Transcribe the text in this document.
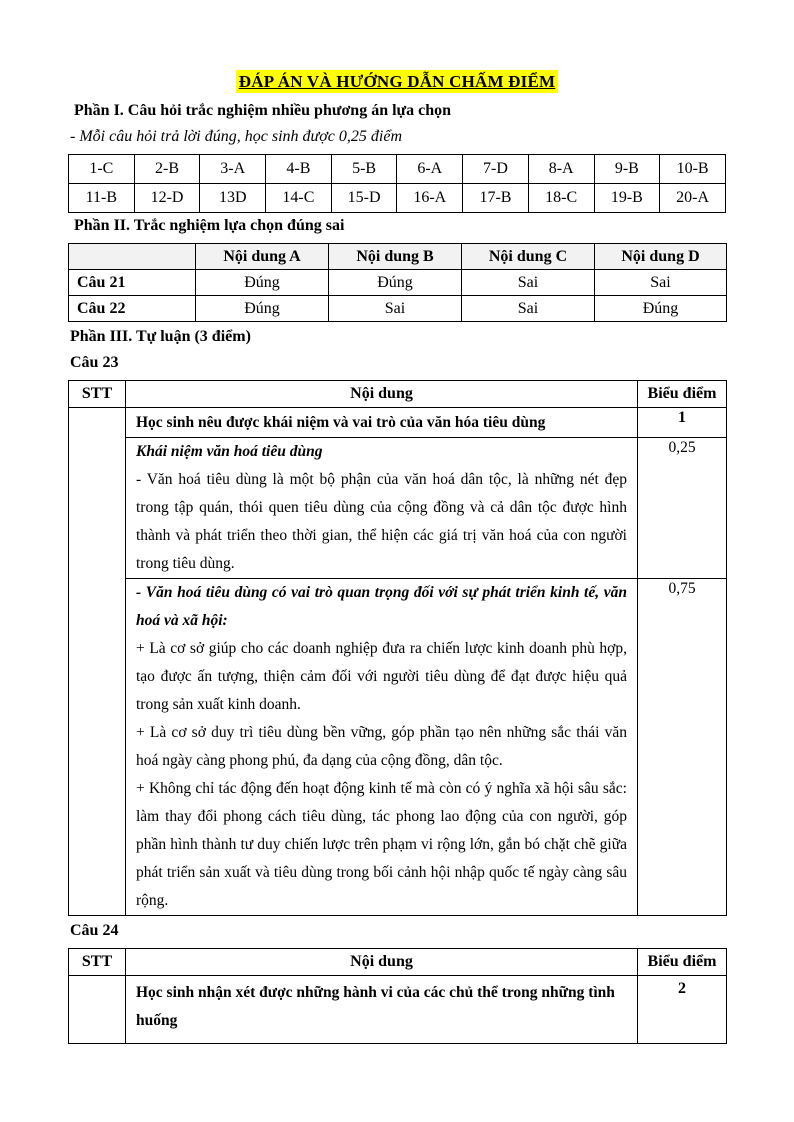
ĐÁP ÁN VÀ HƯỚNG DẪN CHẤM ĐIỂM
Phần I. Câu hỏi trắc nghiệm nhiều phương án lựa chọn
- Mỗi câu hỏi trả lời đúng, học sinh được 0,25 điểm
1-C	2-B	3-A	4-B	5-B	6-A	7-D	8-A	9-B	10-B
11-B	12-D	13D	14-C	15-D	16-A	17-B	18-C	19-B	20-A
Phần II. Trắc nghiệm lựa chọn đúng sai
	Nội dung A	Nội dung B	Nội dung C	Nội dung D
Câu 21	Đúng	Đúng	Sai	Sai
Câu 22	Đúng	Sai	Sai	Đúng
Phần III. Tự luận (3 điểm)
Câu 23
STT	Nội dung	Biểu điểm
	Học sinh nêu được khái niệm và vai trò của văn hóa tiêu dùng	1

	Khái niệm văn hoá tiêu dùng

- Văn hoá tiêu dùng là một bộ phận của văn hoá dân tộc, là những nét đẹp trong tập quán, thói quen tiêu dùng của cộng đồng và cả dân tộc được hình thành và phát triển theo thời gian, thể hiện các giá trị văn hoá của con người trong tiêu dùng.	0,25

	- Văn hoá tiêu dùng có vai trò quan trọng đối với sự phát triển kinh tế, văn hoá và xã hội:

+ Là cơ sở giúp cho các doanh nghiệp đưa ra chiến lược kinh doanh phù hợp, tạo được ấn tượng, thiện cảm đối với người tiêu dùng để đạt được hiệu quả trong sản xuất kinh doanh.

+ Là cơ sở duy trì tiêu dùng bền vững, góp phần tạo nên những sắc thái văn hoá ngày càng phong phú, đa dạng của cộng đồng, dân tộc.

+ Không chỉ tác động đến hoạt động kinh tế mà còn có ý nghĩa xã hội sâu sắc: làm thay đổi phong cách tiêu dùng, tác phong lao động của con người, góp phần hình thành tư duy chiến lược trên phạm vi rộng lớn, gắn bó chặt chẽ giữa phát triển sản xuất và tiêu dùng trong bối cảnh hội nhập quốc tế ngày càng sâu rộng.	0,75
Câu 24
STT	Nội dung	Biểu điểm
	Học sinh nhận xét được những hành vi của các chủ thể trong những tình huống	2
